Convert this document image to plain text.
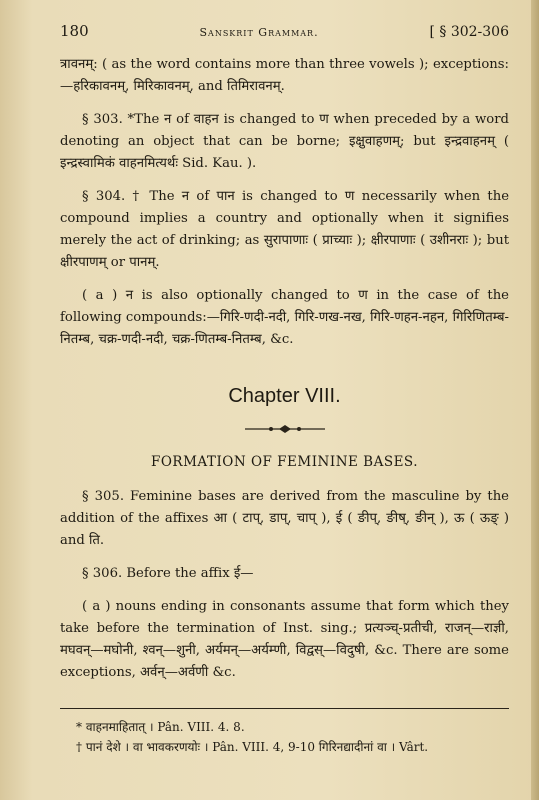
180	Sanskrit Grammar.	[ § 302-306

त्रावनम्: ( as the word contains more than three vowels ); exceptions:—हरिकावनम्, मिरिकावनम्, and तिमिरावनम्.

§ 303. *The न of वाहन is changed to ण when preceded by a word denoting an object that can be borne; इक्षुवाहणम्; but इन्द्रवाहनम् ( इन्द्रस्वामिकं वाहनमित्यर्थः Sid. Kau. ).

§ 304. † The न of पान is changed to ण necessarily when the compound implies a country and optionally when it signifies merely the act of drinking; as सुरापाणाः ( प्राच्याः ); क्षीरपाणाः ( उशीनराः ); but क्षीरपाणम् or पानम्.

( a ) न is also optionally changed to ण in the case of the following compounds:—गिरि-णदी-नदी, गिरि-णख-नख, गिरि-णहन-नहन, गिरिणितम्ब-नितम्ब, चक्र-णदी-नदी, चक्र-णितम्ब-नितम्ब, &c.

Chapter VIII.
FORMATION OF FEMININE BASES.

§ 305. Feminine bases are derived from the masculine by the addition of the affixes आ ( टाप्, डाप्, चाप् ), ई ( ङीप्, ङीष्, ङीन् ), ऊ ( ऊङ् ) and ति.

§ 306. Before the affix ई—

( a ) nouns ending in consonants assume that form which they take before the termination of Inst. sing.; प्रत्यञ्च्-प्रतीची, राजन्—राज्ञी, मघवन्—मघोनी, श्वन्—शुनी, अर्यमन्—अर्यम्णी, विद्वस्—विदुषी, &c. There are some exceptions, अर्वन्—अर्वणी &c.

* वाहनमाहितात् । Pân. VIII. 4. 8.

† पानं देशे । वा भावकरणयोः । Pân. VIII. 4, 9-10 गिरिनद्यादीनां वा । Vârt.
